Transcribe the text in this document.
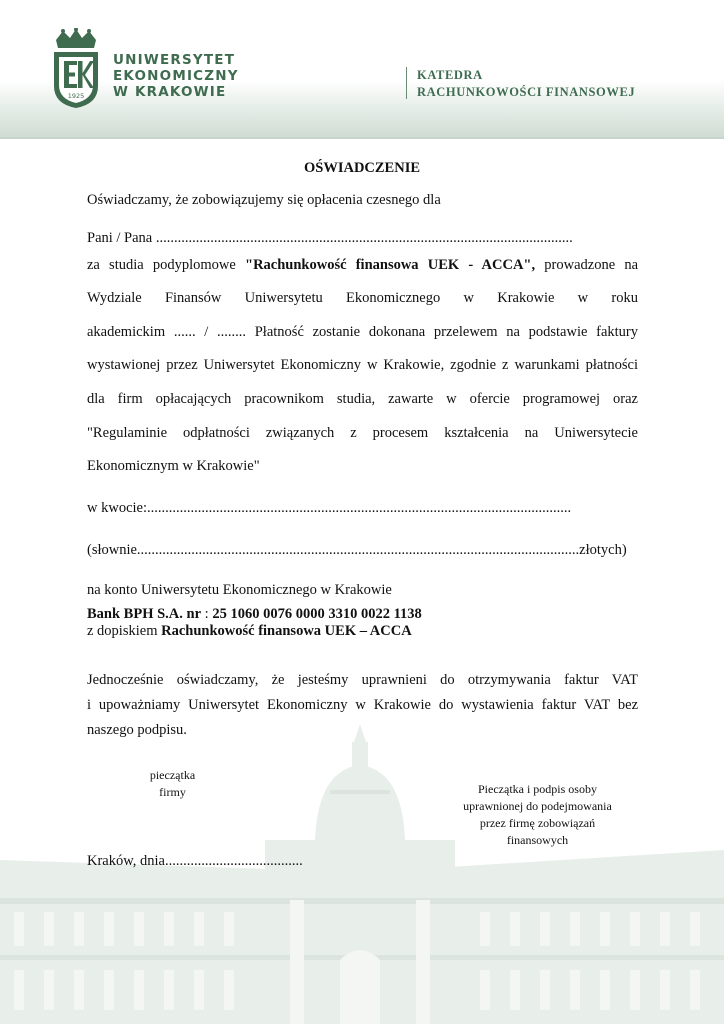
1925
UNIWERSYTET
EKONOMICZNY
W KRAKOWIE
KATEDRA
RACHUNKOWOŚCI FINANSOWEJ
OŚWIADCZENIE
Oświadczamy, że zobowiązujemy się opłacenia czesnego dla
Pani / Pana ...................................................................................................................
za studia podyplomowe "Rachunkowość finansowa UEK - ACCA", prowadzone na
Wydziale Finansów Uniwersytetu Ekonomicznego w Krakowie w roku
akademickim ...... / ........ Płatność zostanie dokonana przelewem na podstawie faktury
wystawionej przez Uniwersytet Ekonomiczny w Krakowie, zgodnie z warunkami płatności
dla firm opłacających pracownikom studia, zawarte w ofercie programowej oraz
"Regulaminie odpłatności związanych z procesem kształcenia na Uniwersytecie
Ekonomicznym w Krakowie"
w kwocie:.....................................................................................................................
(słownie..........................................................................................................................złotych)
na konto Uniwersytetu Ekonomicznego w Krakowie
Bank BPH S.A. nr : 25 1060 0076 0000 3310 0022 1138
z dopiskiem Rachunkowość finansowa UEK – ACCA
Jednocześnie oświadczamy, że jesteśmy uprawnieni do otrzymywania faktur VAT
i upoważniamy Uniwersytet Ekonomiczny w Krakowie do wystawienia faktur VAT bez
naszego podpisu.
pieczątka
firmy	Pieczątka i podpis osoby
uprawnionej do podejmowania
przez firmę zobowiązań
finansowych
Kraków, dnia......................................
